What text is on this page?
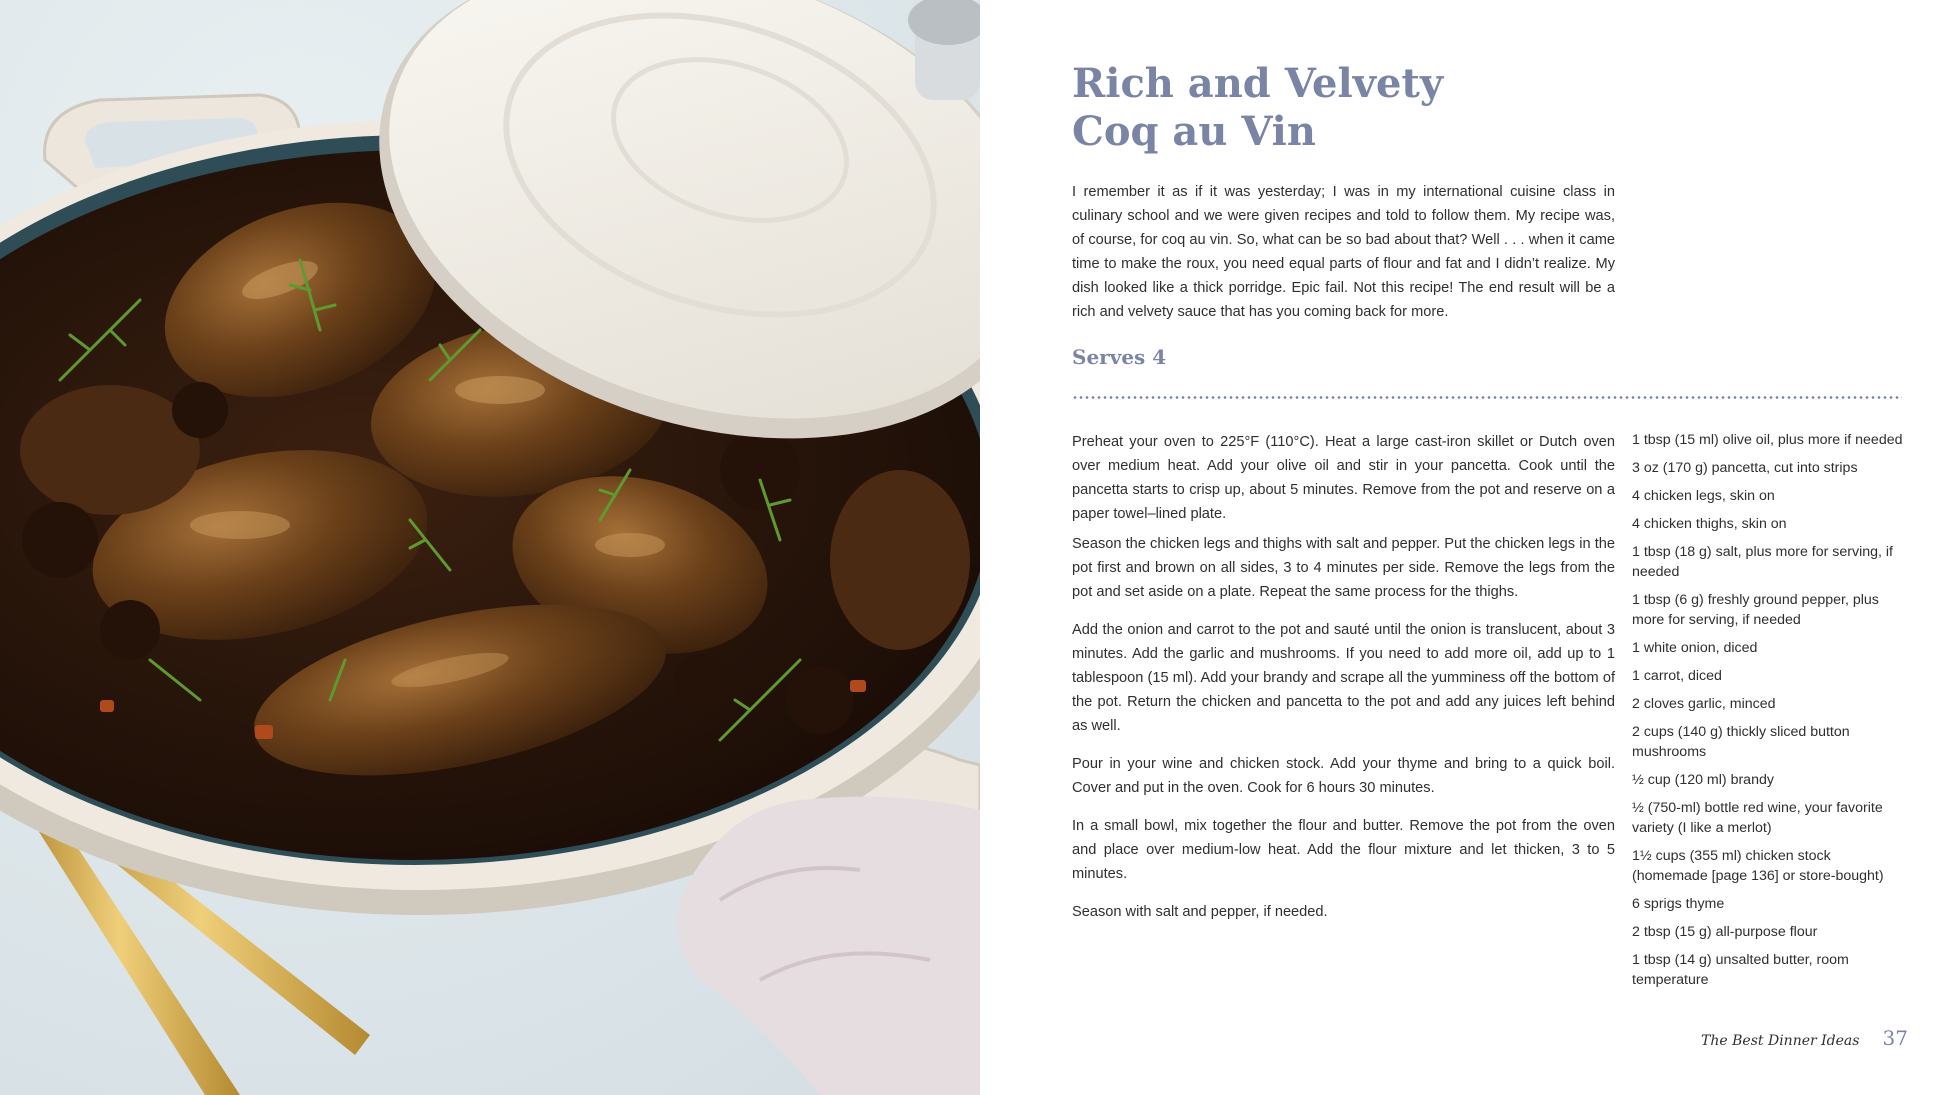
Rich and Velvety
Coq au Vin

I remember it as if it was yesterday; I was in my international cuisine class in culinary school and we were given recipes and told to follow them. My recipe was, of course, for coq au vin. So, what can be so bad about that? Well . . . when it came time to make the roux, you need equal parts of flour and fat and I didn’t realize. My dish looked like a thick porridge. Epic fail. Not this recipe! The end result will be a rich and velvety sauce that has you coming back for more.

Serves 4

Preheat your oven to 225°F (110°C). Heat a large cast-iron skillet or Dutch oven over medium heat. Add your olive oil and stir in your pancetta. Cook until the pancetta starts to crisp up, about 5 minutes. Remove from the pot and reserve on a paper towel–lined plate.

Season the chicken legs and thighs with salt and pepper. Put the chicken legs in the pot first and brown on all sides, 3 to 4 minutes per side. Remove the legs from the pot and set aside on a plate. Repeat the same process for the thighs.

Add the onion and carrot to the pot and sauté until the onion is translucent, about 3 minutes. Add the garlic and mushrooms. If you need to add more oil, add up to 1 tablespoon (15 ml). Add your brandy and scrape all the yumminess off the bottom of the pot. Return the chicken and pancetta to the pot and add any juices left behind as well.

Pour in your wine and chicken stock. Add your thyme and bring to a quick boil. Cover and put in the oven. Cook for 6 hours 30 minutes.

In a small bowl, mix together the flour and butter. Remove the pot from the oven and place over medium-low heat. Add the flour mixture and let thicken, 3 to 5 minutes.

Season with salt and pepper, if needed.

1 tbsp (15 ml) olive oil, plus more if needed
3 oz (170 g) pancetta, cut into strips
4 chicken legs, skin on
4 chicken thighs, skin on
1 tbsp (18 g) salt, plus more for serving, if needed
1 tbsp (6 g) freshly ground pepper, plus more for serving, if needed
1 white onion, diced
1 carrot, diced
2 cloves garlic, minced
2 cups (140 g) thickly sliced button mushrooms
½ cup (120 ml) brandy
½ (750-ml) bottle red wine, your favorite variety (I like a merlot)
1½ cups (355 ml) chicken stock (homemade [page 136] or store-bought)
6 sprigs thyme
2 tbsp (15 g) all-purpose flour
1 tbsp (14 g) unsalted butter, room temperature
The Best Dinner Ideas 37
